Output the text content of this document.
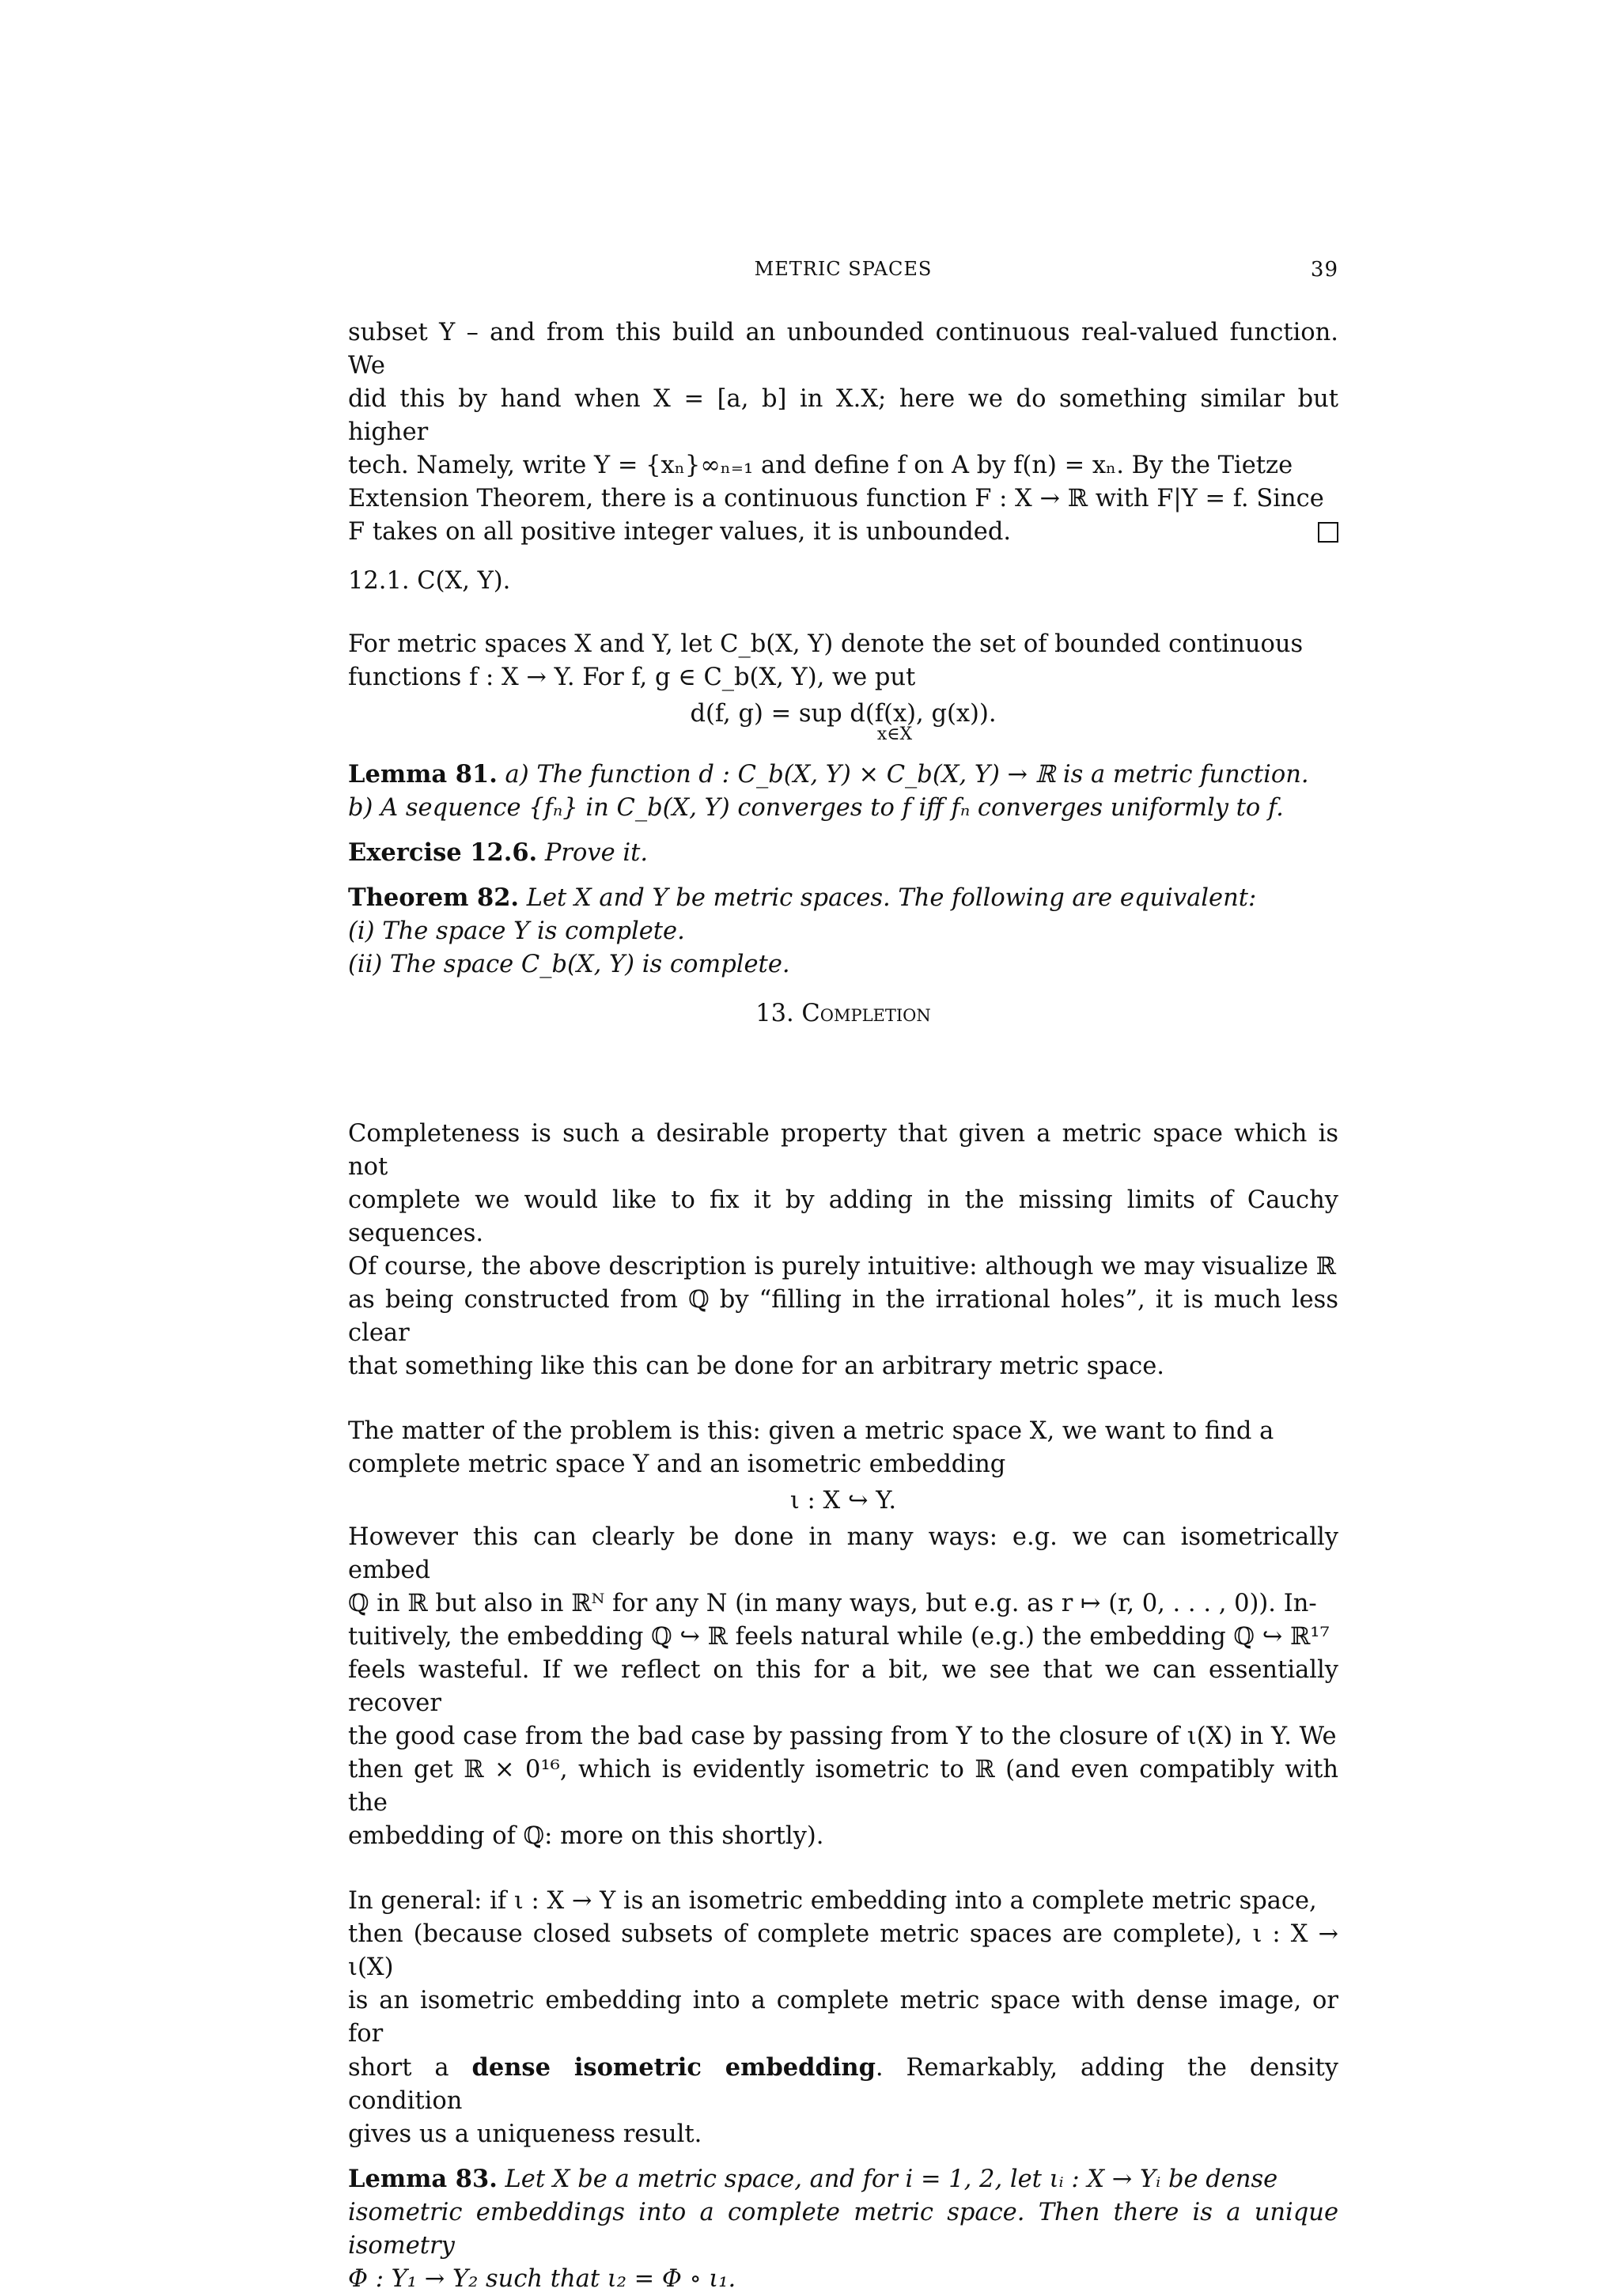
METRIC SPACES	39

subset Y – and from this build an unbounded continuous real-valued function. We

did this by hand when X = [a, b] in X.X; here we do something similar but higher

tech. Namely, write Y = {xₙ}∞ₙ₌₁ and define f on A by f(n) = xₙ. By the Tietze

Extension Theorem, there is a continuous function F : X → ℝ with F|Y = f. Since

F takes on all positive integer values, it is unbounded.

12.1. C(X, Y).

For metric spaces X and Y, let C_b(X, Y) denote the set of bounded continuous

functions f : X → Y. For f, g ∈ C_b(X, Y), we put

d(f, g) = sup d(f(x), g(x)).
x∈X

Lemma 81. a) The function d : C_b(X, Y) × C_b(X, Y) → ℝ is a metric function.

b) A sequence {fₙ} in C_b(X, Y) converges to f iff fₙ converges uniformly to f.

Exercise 12.6. Prove it.

Theorem 82. Let X and Y be metric spaces. The following are equivalent:

(i) The space Y is complete.

(ii) The space C_b(X, Y) is complete.

13. Completion

Completeness is such a desirable property that given a metric space which is not

complete we would like to fix it by adding in the missing limits of Cauchy sequences.

Of course, the above description is purely intuitive: although we may visualize ℝ

as being constructed from ℚ by “filling in the irrational holes”, it is much less clear

that something like this can be done for an arbitrary metric space.

The matter of the problem is this: given a metric space X, we want to find a

complete metric space Y and an isometric embedding

ι : X ↪ Y.

However this can clearly be done in many ways: e.g. we can isometrically embed

ℚ in ℝ but also in ℝᴺ for any N (in many ways, but e.g. as r ↦ (r, 0, . . . , 0)). In-

tuitively, the embedding ℚ ↪ ℝ feels natural while (e.g.) the embedding ℚ ↪ ℝ¹⁷

feels wasteful. If we reflect on this for a bit, we see that we can essentially recover

the good case from the bad case by passing from Y to the closure of ι(X) in Y. We

then get ℝ × 0¹⁶, which is evidently isometric to ℝ (and even compatibly with the

embedding of ℚ: more on this shortly).

In general: if ι : X → Y is an isometric embedding into a complete metric space,

then (because closed subsets of complete metric spaces are complete), ι : X → ι(X)

is an isometric embedding into a complete metric space with dense image, or for

short a dense isometric embedding. Remarkably, adding the density condition

gives us a uniqueness result.

Lemma 83. Let X be a metric space, and for i = 1, 2, let ιᵢ : X → Yᵢ be dense

isometric embeddings into a complete metric space. Then there is a unique isometry

Φ : Y₁ → Y₂ such that ι₂ = Φ ∘ ι₁.
